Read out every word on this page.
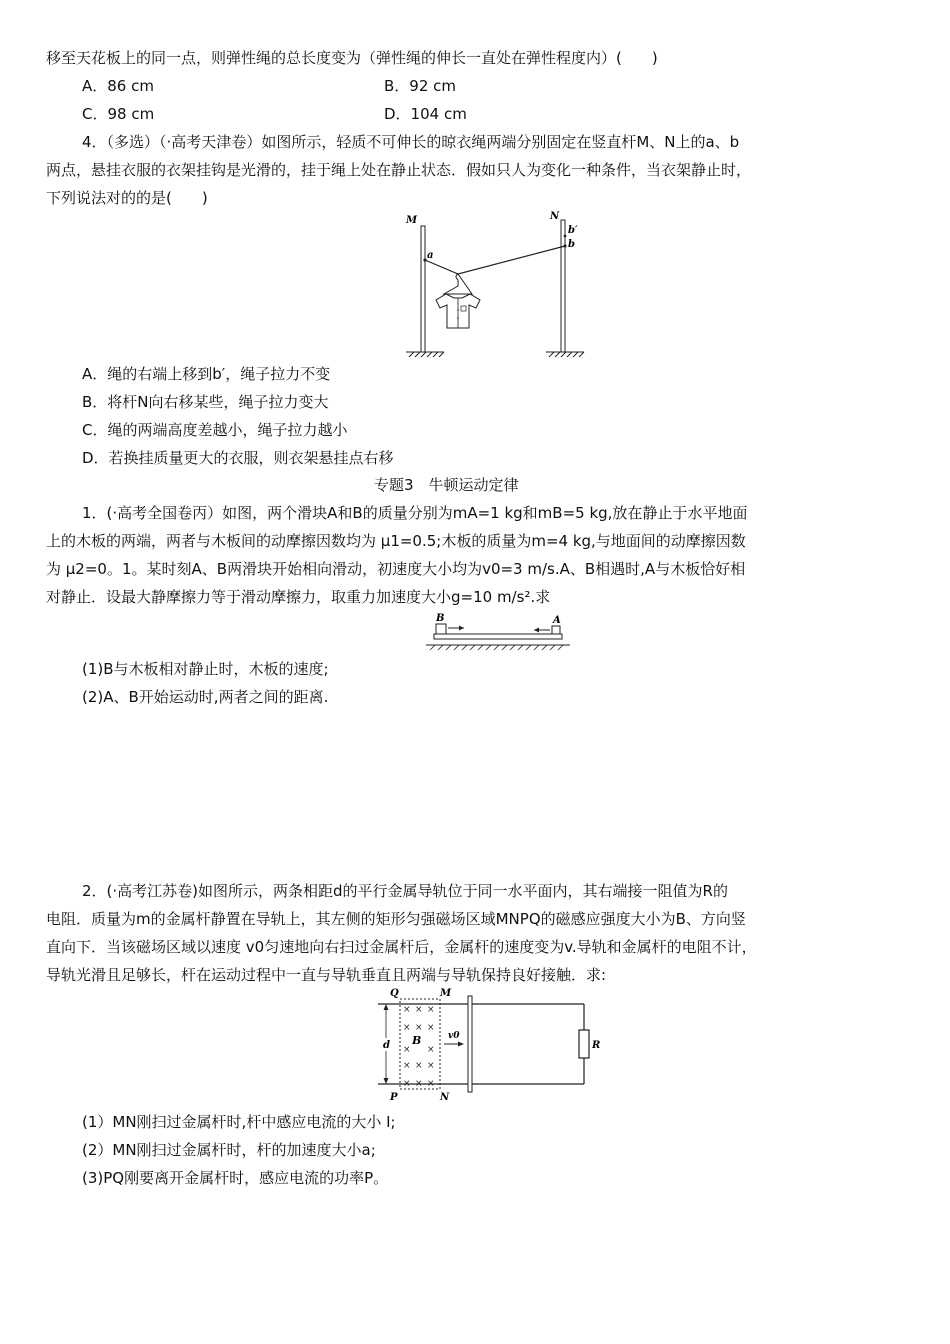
移至天花板上的同一点，则弹性绳的总长度变为（弹性绳的伸长一直处在弹性程度内）(　　)
A．86 cm	B．92 cm
C．98 cm	D．104 cm
4．（多选）（·高考天津卷）如图所示，轻质不可伸长的晾衣绳两端分别固定在竖直杆M、N上的a、b
两点，悬挂衣服的衣架挂钩是光滑的，挂于绳上处在静止状态．假如只人为变化一种条件，当衣架静止时，
下列说法对的的是(　　)
M	N
a
b′
b
A．绳的右端上移到b′，绳子拉力不变
B．将杆N向右移某些，绳子拉力变大
C．绳的两端高度差越小，绳子拉力越小
D．若换挂质量更大的衣服，则衣架悬挂点右移
专题3　牛顿运动定律
1．(·高考全国卷丙）如图，两个滑块A和B的质量分别为mA=1 kg和mB=5 kg,放在静止于水平地面
上的木板的两端，两者与木板间的动摩擦因数均为 μ1=0.5;木板的质量为m=4 kg,与地面间的动摩擦因数
为 μ2=0。1。某时刻A、B两滑块开始相向滑动，初速度大小均为v0=3 m/s.A、B相遇时,A与木板恰好相
对静止．设最大静摩擦力等于滑动摩擦力，取重力加速度大小g=10 m/s².求
B	A
(1)B与木板相对静止时，木板的速度;
(2)A、B开始运动时,两者之间的距离.
2．(·高考江苏卷)如图所示，两条相距d的平行金属导轨位于同一水平面内，其右端接一阻值为R的
电阻．质量为m的金属杆静置在导轨上，其左侧的矩形匀强磁场区域MNPQ的磁感应强度大小为B、方向竖
直向下．当该磁场区域以速度 v0匀速地向右扫过金属杆后，金属杆的速度变为v.导轨和金属杆的电阻不计，
导轨光滑且足够长，杆在运动过程中一直与导轨垂直且两端与导轨保持良好接触．求:
× × ×
× × ×
× ×
× × ×
× × ×
Q	M
P	N
d B	v0
R
(1）MN刚扫过金属杆时,杆中感应电流的大小 I;
(2）MN刚扫过金属杆时，杆的加速度大小a;
(3)PQ刚要离开金属杆时，感应电流的功率P。
